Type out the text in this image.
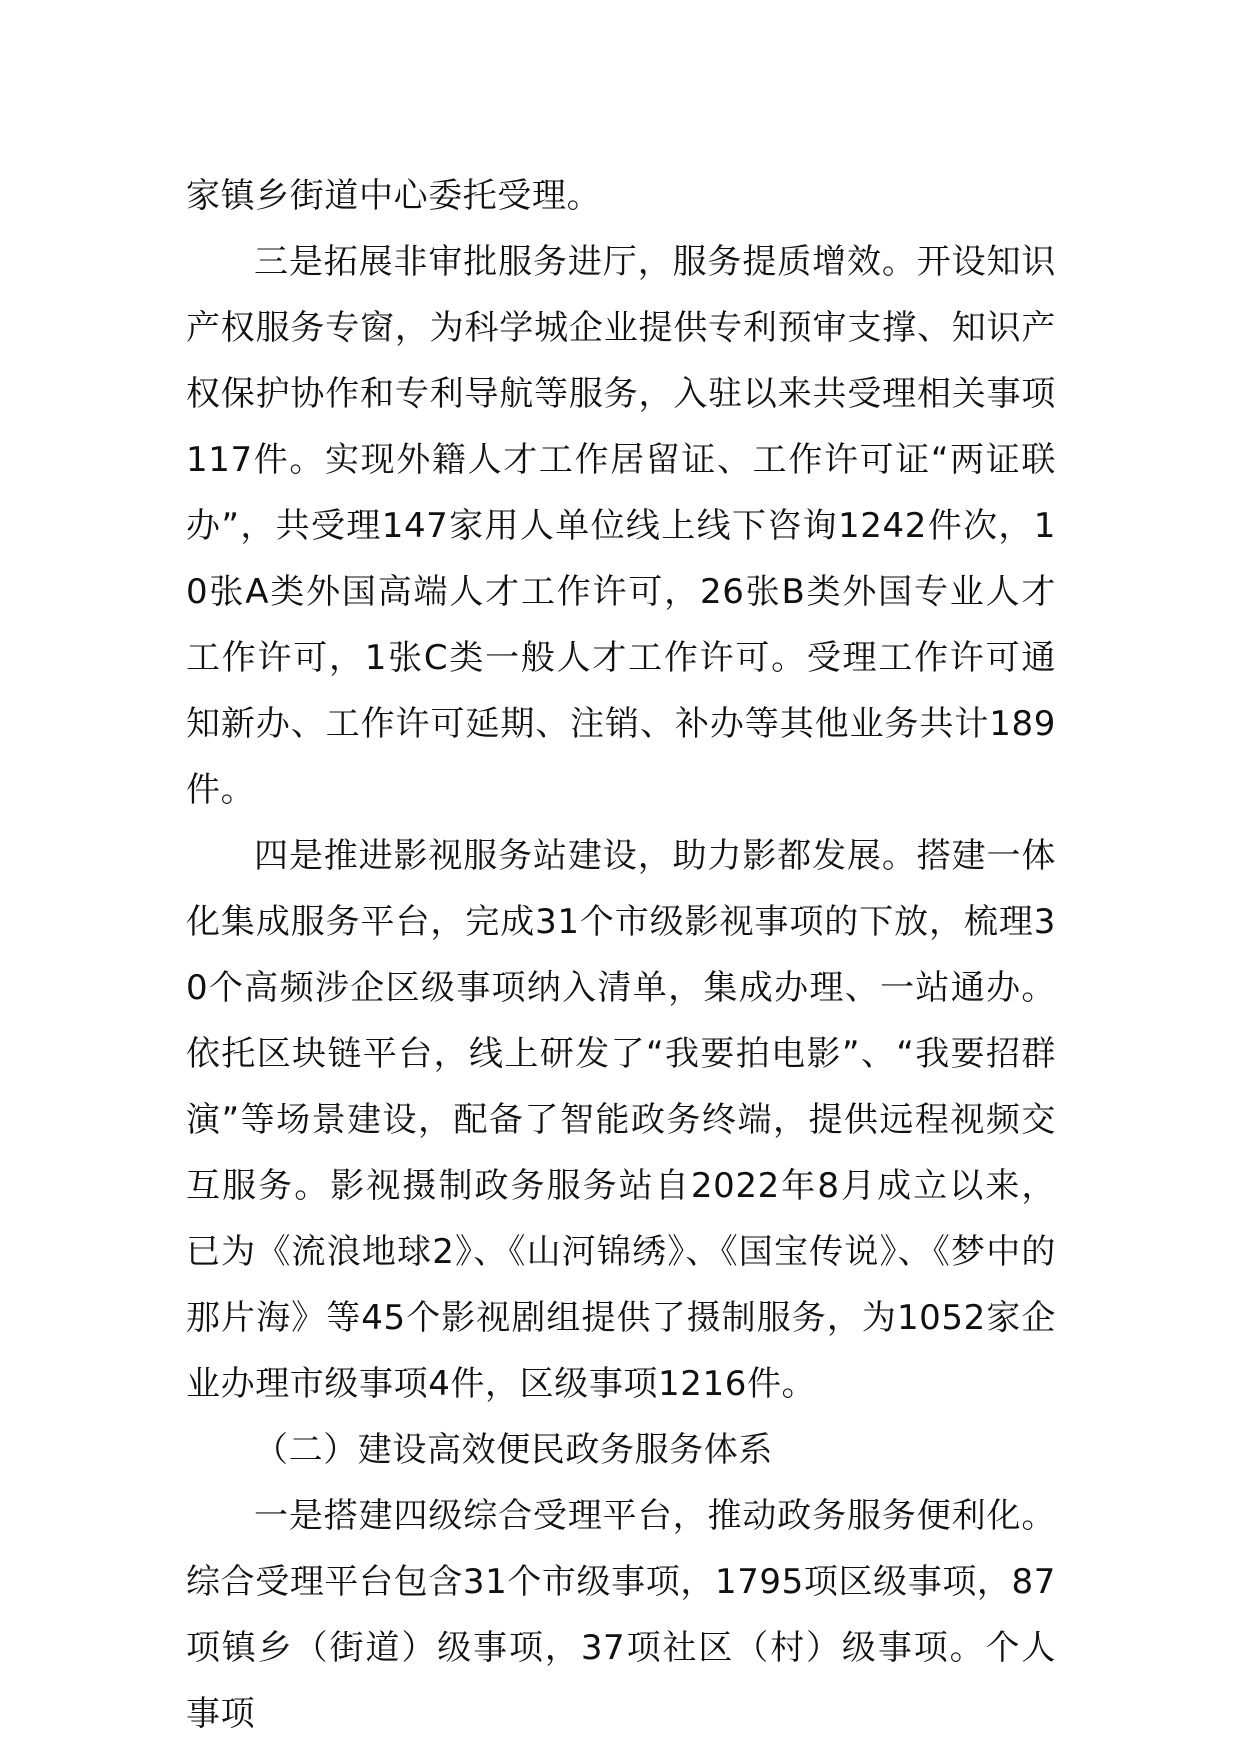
家镇乡街道中心委托受理。

三是拓展非审批服务进厅，服务提质增效。开设知识产权服务专窗，为科学城企业提供专利预审支撑、知识产权保护协作和专利导航等服务，入驻以来共受理相关事项117件。实现外籍人才工作居留证、工作许可证“两证联办”，共受理147家用人单位线上线下咨询1242件次，10张A类外国高端人才工作许可，26张B类外国专业人才工作许可，1张C类一般人才工作许可。受理工作许可通知新办、工作许可延期、注销、补办等其他业务共计189件。

四是推进影视服务站建设，助力影都发展。搭建一体化集成服务平台，完成31个市级影视事项的下放，梳理30个高频涉企区级事项纳入清单，集成办理、一站通办。依托区块链平台，线上研发了“我要拍电影”、“我要招群演”等场景建设，配备了智能政务终端，提供远程视频交互服务。影视摄制政务服务站自2022年8月成立以来，已为《流浪地球2》、《山河锦绣》、《国宝传说》、《梦中的那片海》等45个影视剧组提供了摄制服务，为1052家企业办理市级事项4件，区级事项1216件。

（二）建设高效便民政务服务体系

一是搭建四级综合受理平台，推动政务服务便利化。综合受理平台包含31个市级事项，1795项区级事项，87项镇乡（街道）级事项，37项社区（村）级事项。个人事项
